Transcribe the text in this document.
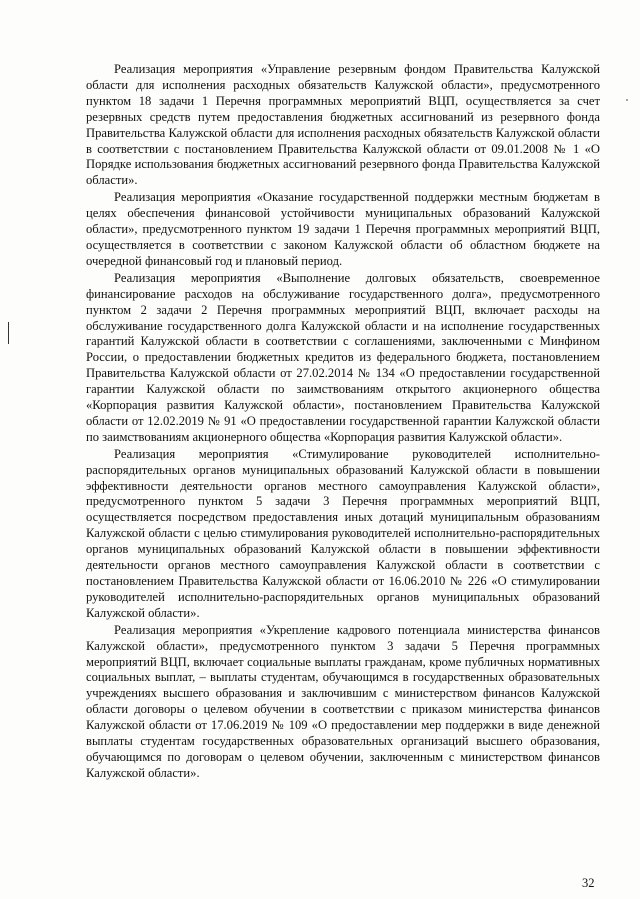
Реализация мероприятия «Управление резервным фондом Правительства Калужской области для исполнения расходных обязательств Калужской области», предусмотренного пунктом 18 задачи 1 Перечня программных мероприятий ВЦП, осуществляется за счет резервных средств путем предоставления бюджетных ассигнований из резервного фонда Правительства Калужской области для исполнения расходных обязательств Калужской области в соответствии с постановлением Правительства Калужской области от 09.01.2008 № 1 «О Порядке использования бюджетных ассигнований резервного фонда Правительства Калужской области».

Реализация мероприятия «Оказание государственной поддержки местным бюджетам в целях обеспечения финансовой устойчивости муниципальных образований Калужской области», предусмотренного пунктом 19 задачи 1 Перечня программных мероприятий ВЦП, осуществляется в соответствии с законом Калужской области об областном бюджете на очередной финансовый год и плановый период.

Реализация мероприятия «Выполнение долговых обязательств, своевременное финансирование расходов на обслуживание государственного долга», предусмотренного пунктом 2 задачи 2 Перечня программных мероприятий ВЦП, включает расходы на обслуживание государственного долга Калужской области и на исполнение государственных гарантий Калужской области в соответствии с соглашениями, заключенными с Минфином России, о предоставлении бюджетных кредитов из федерального бюджета, постановлением Правительства Калужской области от 27.02.2014 № 134 «О предоставлении государственной гарантии Калужской области по заимствованиям открытого акционерного общества «Корпорация развития Калужской области», постановлением Правительства Калужской области от 12.02.2019 № 91 «О предоставлении государственной гарантии Калужской области по заимствованиям акционерного общества «Корпорация развития Калужской области».

Реализация мероприятия «Стимулирование руководителей исполнительно-распорядительных органов муниципальных образований Калужской области в повышении эффективности деятельности органов местного самоуправления Калужской области», предусмотренного пунктом 5 задачи 3 Перечня программных мероприятий ВЦП, осуществляется посредством предоставления иных дотаций муниципальным образованиям Калужской области с целью стимулирования руководителей исполнительно-распорядительных органов муниципальных образований Калужской области в повышении эффективности деятельности органов местного самоуправления Калужской области в соответствии с постановлением Правительства Калужской области от 16.06.2010 № 226 «О стимулировании руководителей исполнительно-распорядительных органов муниципальных образований Калужской области».

Реализация мероприятия «Укрепление кадрового потенциала министерства финансов Калужской области», предусмотренного пунктом 3 задачи 5 Перечня программных мероприятий ВЦП, включает социальные выплаты гражданам, кроме публичных нормативных социальных выплат, – выплаты студентам, обучающимся в государственных образовательных учреждениях высшего образования и заключившим с министерством финансов Калужской области договоры о целевом обучении в соответствии с приказом министерства финансов Калужской области от 17.06.2019 № 109 «О предоставлении мер поддержки в виде денежной выплаты студентам государственных образовательных организаций высшего образования, обучающимся по договорам о целевом обучении, заключенным с министерством финансов Калужской области».

32
